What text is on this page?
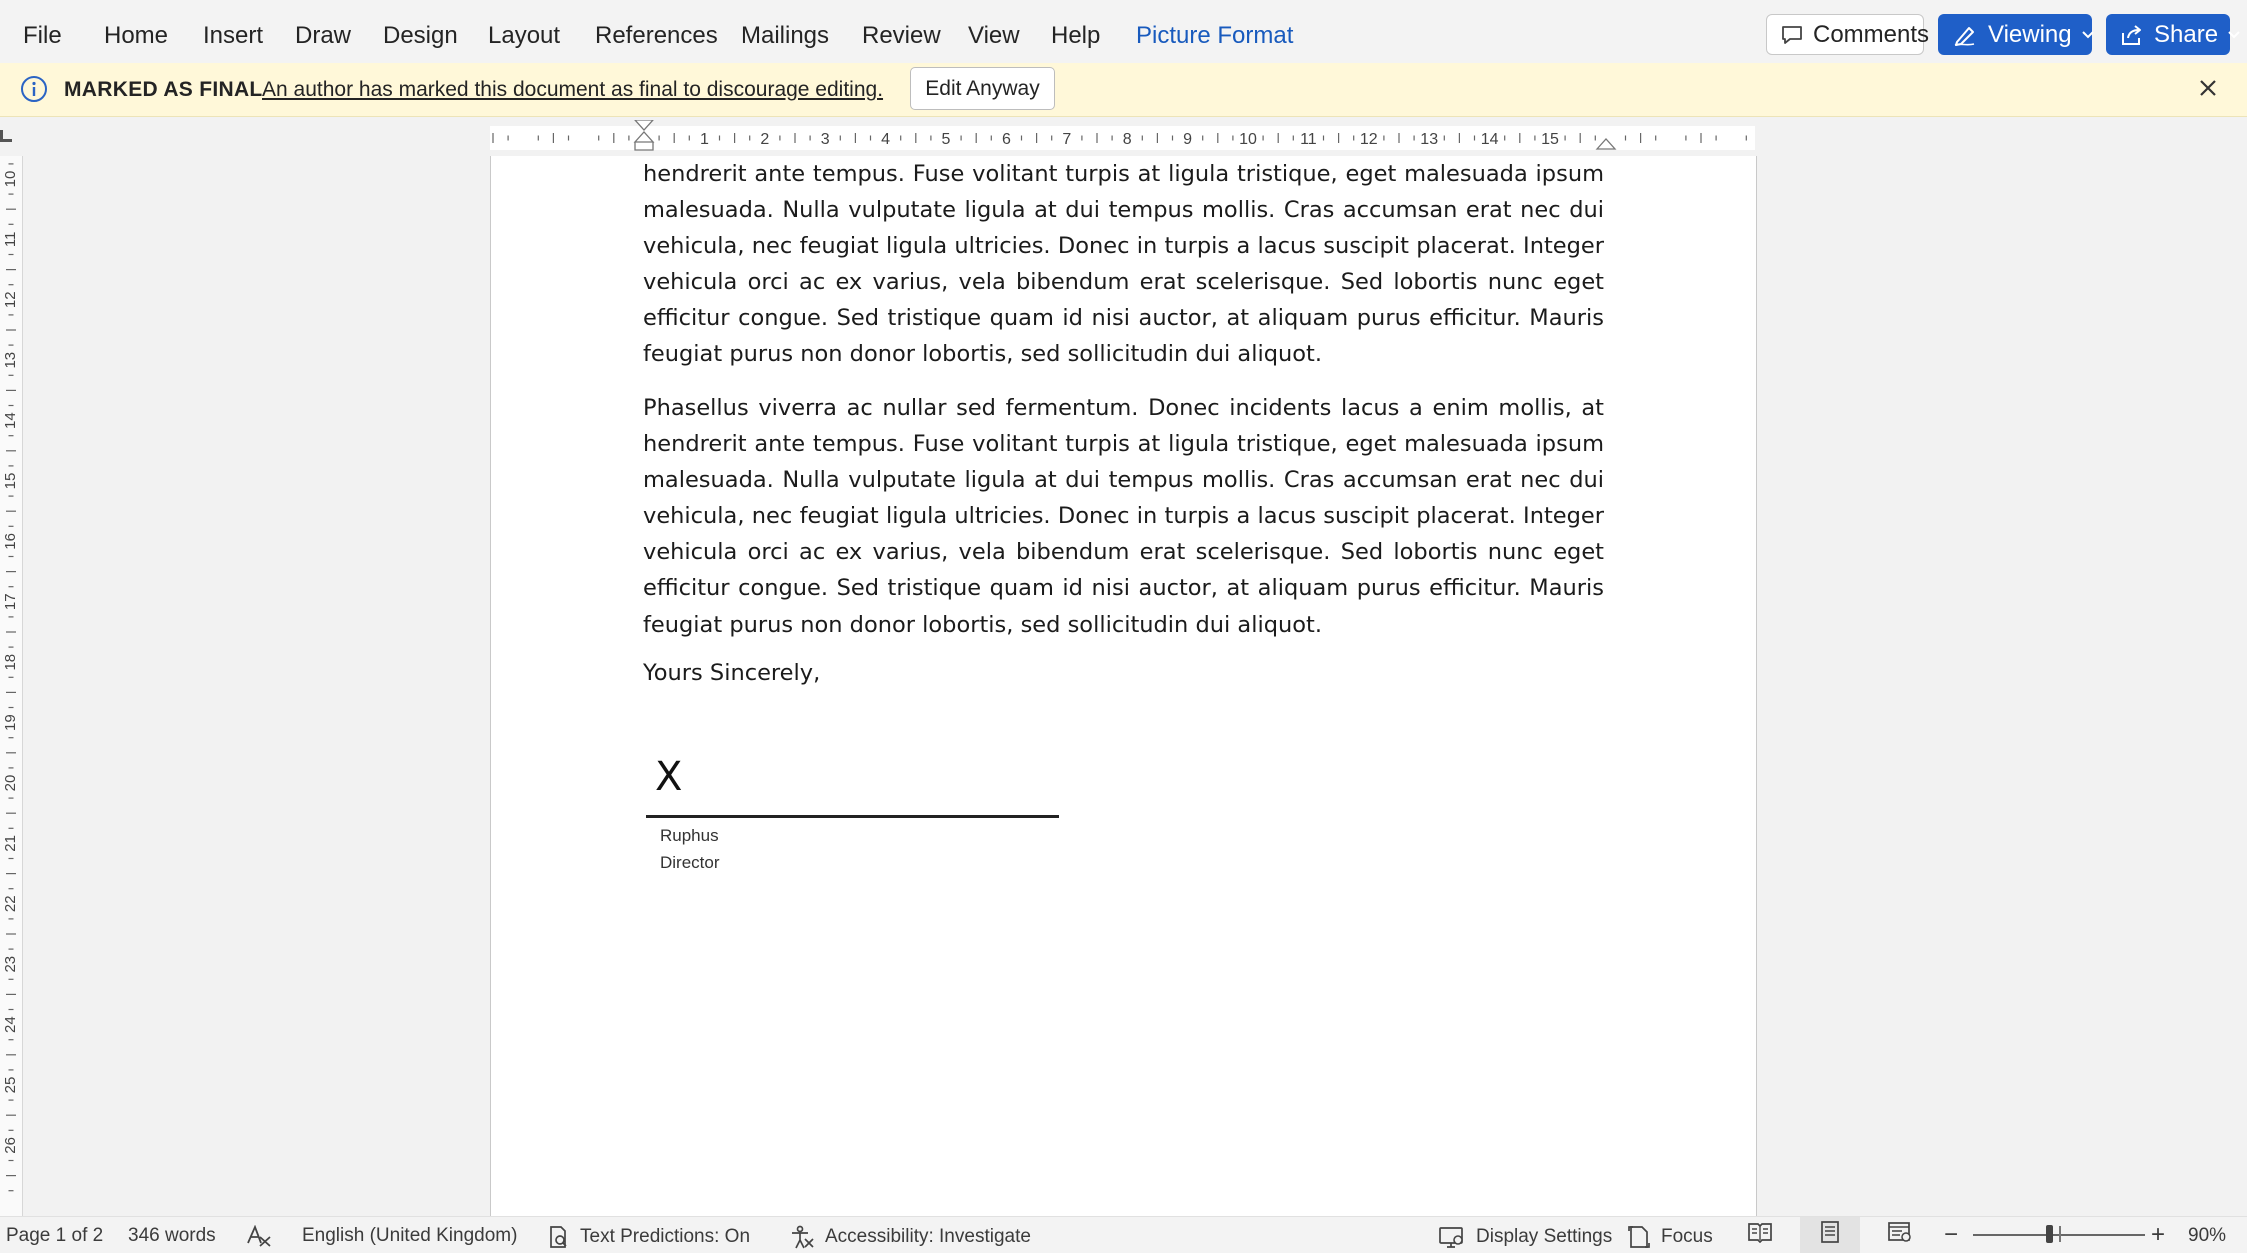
File Home Insert Draw Design Layout References Mailings Review View Help Picture Format	Comments Viewing	Share
MARKED AS FINAL An author has marked this document as final to discourage editing.	Edit Anyway
1	2	3	4	5	6	7	8	9	10	11	12	13	14	15
10
11
12
13
14
15
16
17
18
19
20
21
22
23
24
25
26

hendrerit ante tempus. Fuse volitant turpis at ligula tristique, eget malesuada ipsum malesuada. Nulla vulputate ligula at dui tempus mollis. Cras accumsan erat nec dui vehicula, nec feugiat ligula ultricies. Donec in turpis a lacus suscipit placerat. Integer vehicula orci ac ex varius, vela bibendum erat scelerisque. Sed lobortis nunc eget efficitur congue. Sed tristique quam id nisi auctor, at aliquam purus efficitur. Mauris feugiat purus non donor lobortis, sed sollicitudin dui aliquot.

Phasellus viverra ac nullar sed fermentum. Donec incidents lacus a enim mollis, at hendrerit ante tempus. Fuse volitant turpis at ligula tristique, eget malesuada ipsum malesuada. Nulla vulputate ligula at dui tempus mollis. Cras accumsan erat nec dui vehicula, nec feugiat ligula ultricies. Donec in turpis a lacus suscipit placerat. Integer vehicula orci ac ex varius, vela bibendum erat scelerisque. Sed lobortis nunc eget efficitur congue. Sed tristique quam id nisi auctor, at aliquam purus efficitur. Mauris feugiat purus non donor lobortis, sed sollicitudin dui aliquot.

Yours Sincerely,
X
Ruphus
Director
Page 1 of 2 346 words	English (United Kingdom)	Text Predictions: On	Accessibility: Investigate	Display Settings	Focus	−	+ 90%
